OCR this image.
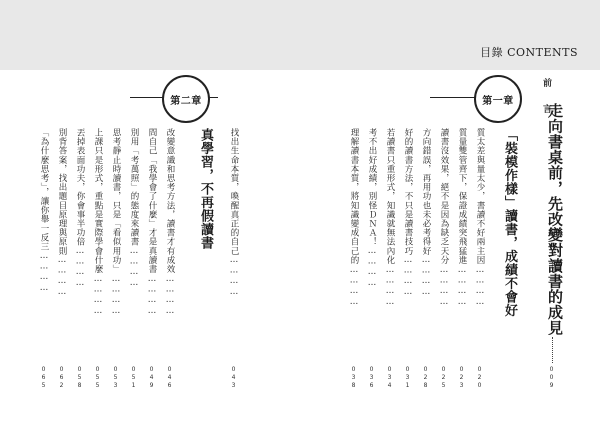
目錄 CONTENTS
前　言
走向書桌前，先改變對讀書的成見
009
第一章
「裝模作樣」讀書，成績不會好
質太差與量太少，書讀不好兩主因…………
020
質量雙管齊下，保證成績突飛猛進…………
023
讀書沒效果，絕不是因為缺乏天分…………
025
方向錯誤，再用功也未必考得好…………
028
好的讀書方法，不只是讀書技巧…………
031
若讀書只重形式，知識就無法內化…………
034
考不出好成績，別怪ＤＮＡ！…………
036
理解讀書本質，將知識變成自己的…………
038
找出生命本質，喚醒真正的自己…………
043
第二章
真學習，不再假讀書
改變意識和思考方法，讀書才有成效…………
046
問自己「我學會了什麼」才是真讀書…………
049
別用「考萬照」的態度來讀書…………
051
思考靜止時讀書，只是「看似用功」…………
053
上課只是形式，重點是實際學會什麼…………
055
丟掉表面功夫，你會事半功倍…………
058
別背答案，找出題目原理與原則…………
062
「為什麼思考」，讓你舉一反三…………
065
